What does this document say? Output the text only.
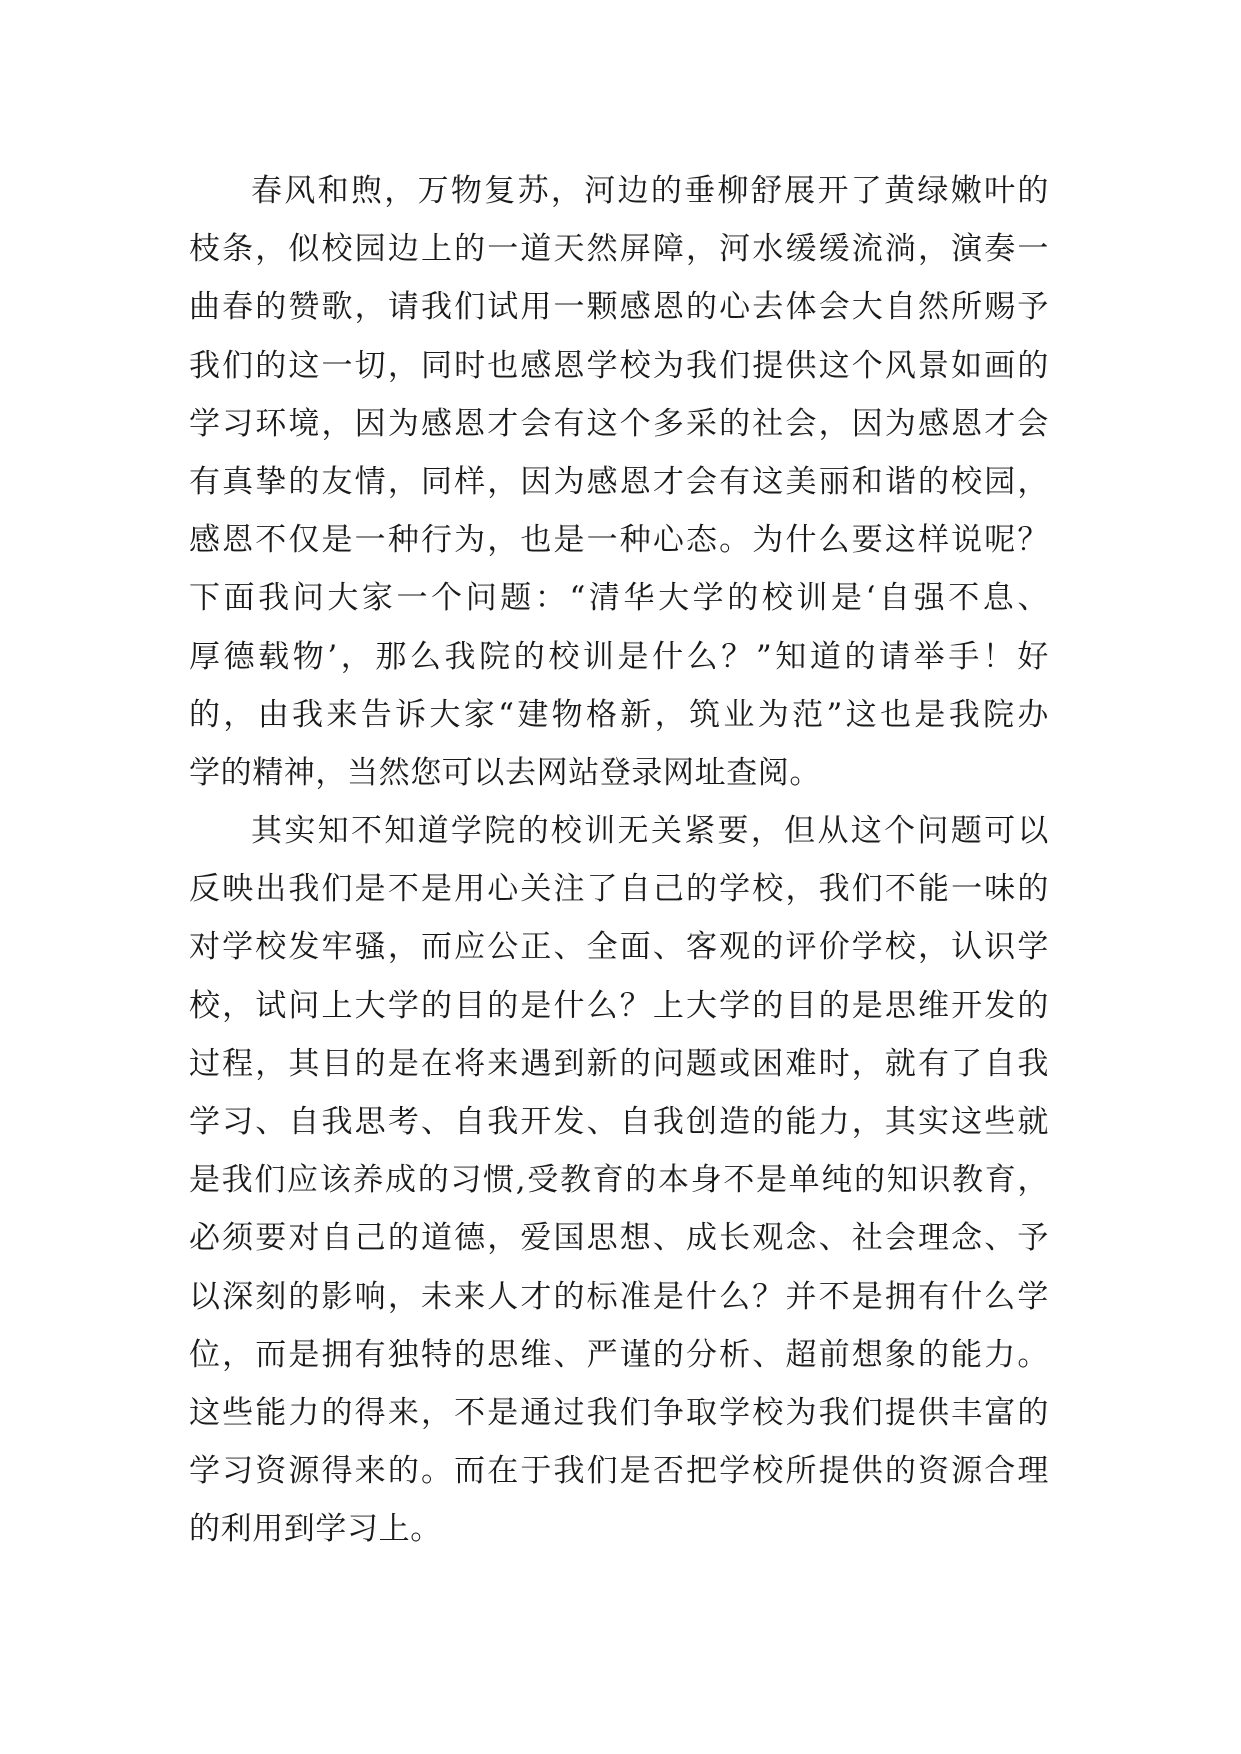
春风和煦，万物复苏，河边的垂柳舒展开了黄绿嫩叶的
枝条，似校园边上的一道天然屏障，河水缓缓流淌，演奏一
曲春的赞歌，请我们试用一颗感恩的心去体会大自然所赐予
我们的这一切，同时也感恩学校为我们提供这个风景如画的
学习环境，因为感恩才会有这个多采的社会，因为感恩才会
有真挚的友情，同样，因为感恩才会有这美丽和谐的校园，
感恩不仅是一种行为，也是一种心态。为什么要这样说呢？
下面我问大家一个问题：“清华大学的校训是‘自强不息、
厚德载物’，那么我院的校训是什么？”知道的请举手！好
的，由我来告诉大家“建物格新，筑业为范”这也是我院办
学的精神，当然您可以去网站登录网址查阅。
其实知不知道学院的校训无关紧要，但从这个问题可以
反映出我们是不是用心关注了自己的学校，我们不能一味的
对学校发牢骚，而应公正、全面、客观的评价学校，认识学
校，试问上大学的目的是什么？上大学的目的是思维开发的
过程，其目的是在将来遇到新的问题或困难时，就有了自我
学习、自我思考、自我开发、自我创造的能力，其实这些就
是我们应该养成的习惯,受教育的本身不是单纯的知识教育，
必须要对自己的道德，爱国思想、成长观念、社会理念、予
以深刻的影响，未来人才的标准是什么？并不是拥有什么学
位，而是拥有独特的思维、严谨的分析、超前想象的能力。
这些能力的得来，不是通过我们争取学校为我们提供丰富的
学习资源得来的。而在于我们是否把学校所提供的资源合理
的利用到学习上。
